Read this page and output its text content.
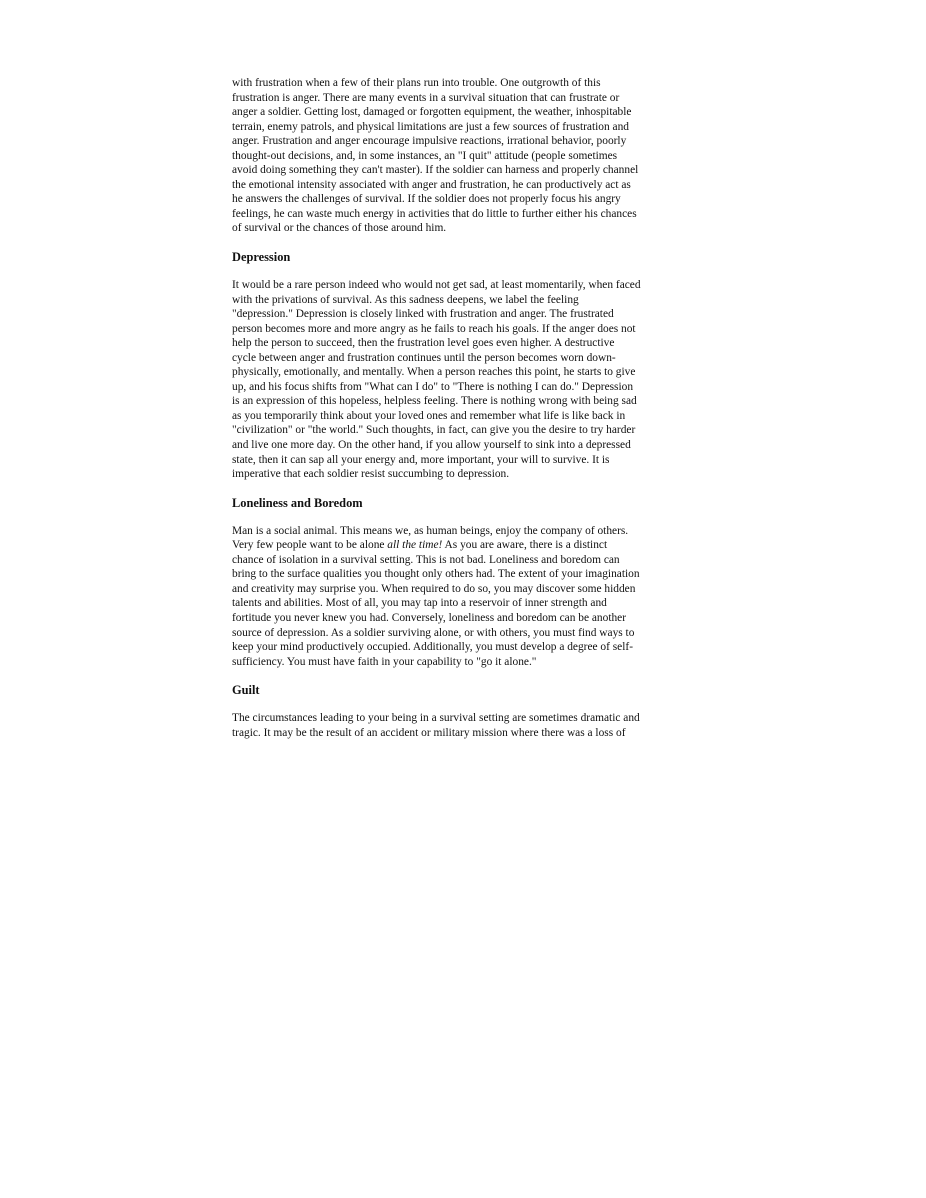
with frustration when a few of their plans run into trouble. One outgrowth of this
frustration is anger. There are many events in a survival situation that can frustrate or
anger a soldier. Getting lost, damaged or forgotten equipment, the weather, inhospitable
terrain, enemy patrols, and physical limitations are just a few sources of frustration and
anger. Frustration and anger encourage impulsive reactions, irrational behavior, poorly
thought-out decisions, and, in some instances, an "I quit" attitude (people sometimes
avoid doing something they can't master). If the soldier can harness and properly channel
the emotional intensity associated with anger and frustration, he can productively act as
he answers the challenges of survival. If the soldier does not properly focus his angry
feelings, he can waste much energy in activities that do little to further either his chances
of survival or the chances of those around him.

Depression

It would be a rare person indeed who would not get sad, at least momentarily, when faced
with the privations of survival. As this sadness deepens, we label the feeling
"depression." Depression is closely linked with frustration and anger. The frustrated
person becomes more and more angry as he fails to reach his goals. If the anger does not
help the person to succeed, then the frustration level goes even higher. A destructive
cycle between anger and frustration continues until the person becomes worn down-
physically, emotionally, and mentally. When a person reaches this point, he starts to give
up, and his focus shifts from "What can I do" to "There is nothing I can do." Depression
is an expression of this hopeless, helpless feeling. There is nothing wrong with being sad
as you temporarily think about your loved ones and remember what life is like back in
"civilization" or "the world." Such thoughts, in fact, can give you the desire to try harder
and live one more day. On the other hand, if you allow yourself to sink into a depressed
state, then it can sap all your energy and, more important, your will to survive. It is
imperative that each soldier resist succumbing to depression.

Loneliness and Boredom

Man is a social animal. This means we, as human beings, enjoy the company of others.
Very few people want to be alone all the time! As you are aware, there is a distinct
chance of isolation in a survival setting. This is not bad. Loneliness and boredom can
bring to the surface qualities you thought only others had. The extent of your imagination
and creativity may surprise you. When required to do so, you may discover some hidden
talents and abilities. Most of all, you may tap into a reservoir of inner strength and
fortitude you never knew you had. Conversely, loneliness and boredom can be another
source of depression. As a soldier surviving alone, or with others, you must find ways to
keep your mind productively occupied. Additionally, you must develop a degree of self-
sufficiency. You must have faith in your capability to "go it alone."

Guilt

The circumstances leading to your being in a survival setting are sometimes dramatic and
tragic. It may be the result of an accident or military mission where there was a loss of
